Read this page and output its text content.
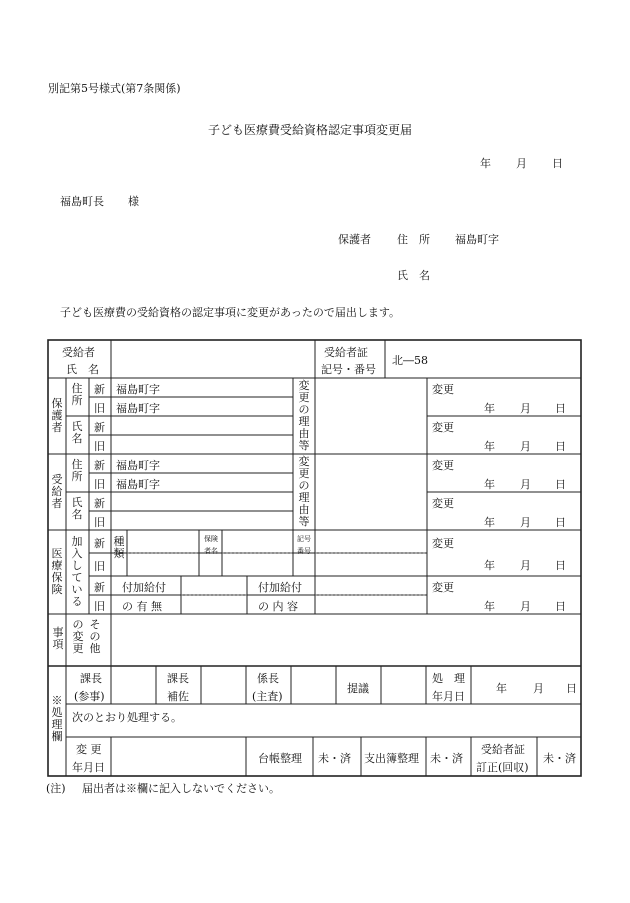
別記第5号様式(第7条関係)
子ども医療費受給資格認定事項変更届
年 月 日
福島町長 様
保護者 住　所 福島町字
氏　名
子ども医療費の受給資格の認定事項に変更があったので届出します。
受給者
氏　名
受給者証
記号・番号
北―58
保護者
住所
氏名
新
旧
新
旧
福島町字
福島町字
変更の理由等
変更
年 月 日
変更
年 月 日
受給者
住所
氏名
新
旧
新
旧
福島町字
福島町字
変更の理由等
変更
年 月 日
変更
年 月 日
医療保険
加入している
新
旧
種類
保険者名
記号番号
変更
年 月 日
新
旧
付加給付
の 有 無
付加給付
の 内 容
変更
年 月 日
その他
の変更
事項
※処理欄
課長
(参事)
課長
補佐
係長
(主査)
提議
処　理
年月日
年 月 日
次のとおり処理する。
変 更
年月日
台帳整理 未・済 支出簿整理 未・済
受給者証
訂正(回収)
未・済
(注) 届出者は※欄に記入しないでください。
